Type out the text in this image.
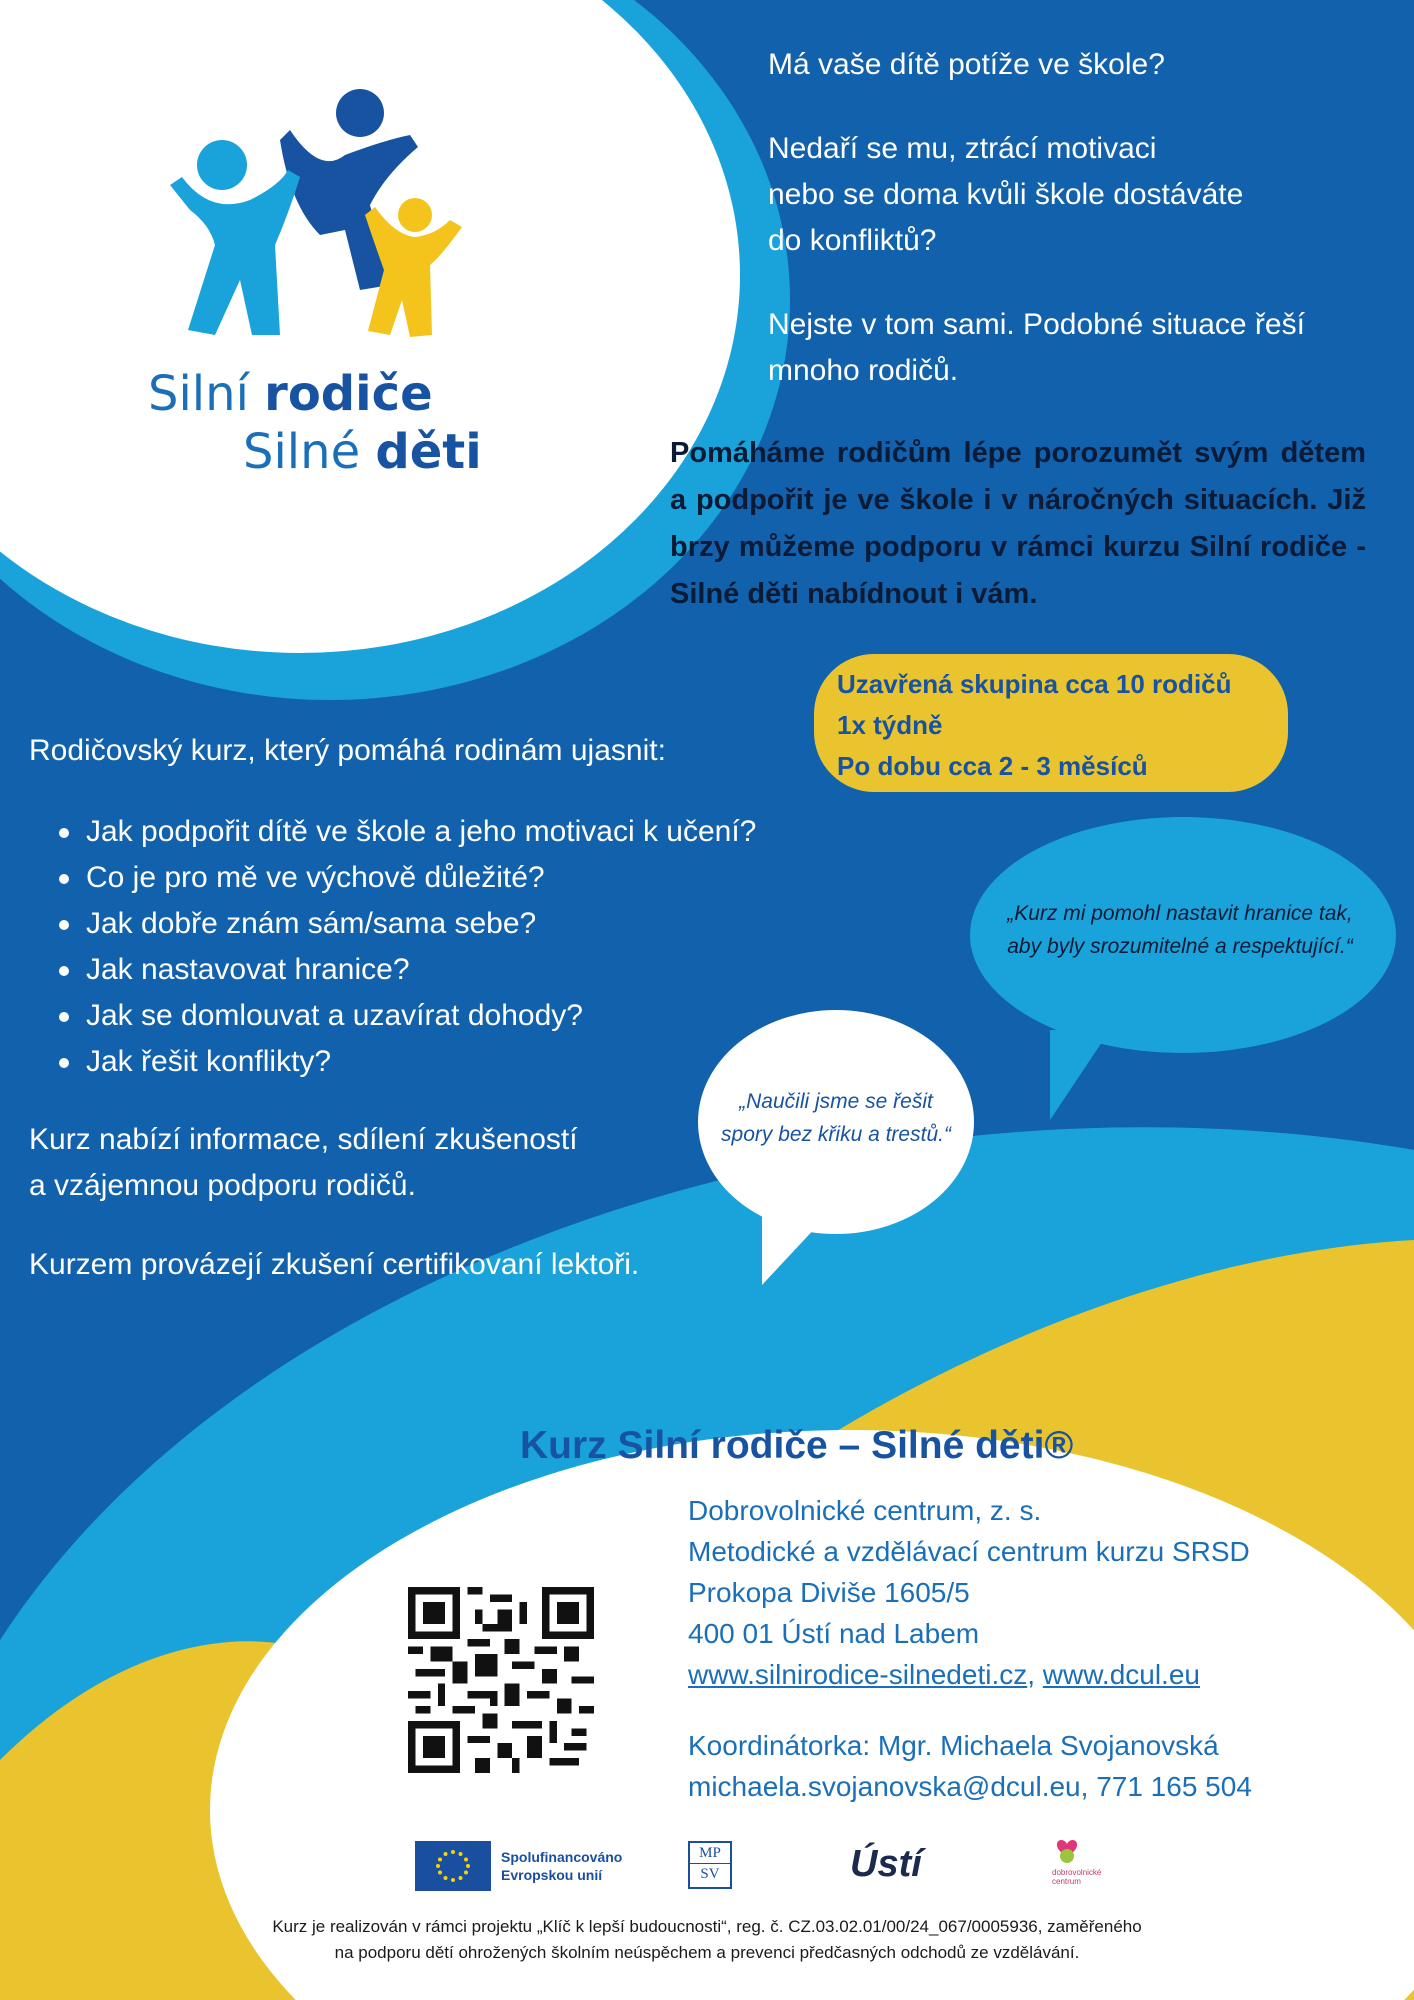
Silní rodiče
Silné děti

Má vaše dítě potíže ve škole?

Nedaří se mu, ztrácí motivaci

nebo se doma kvůli škole dostáváte

do konfliktů?

Nejste v tom sami. Podobné situace řeší

mnoho rodičů.

Pomáháme rodičům lépe porozumět svým dětem a podpořit je ve škole i v náročných situacích. Již brzy můžeme podporu v rámci kurzu Silní rodiče - Silné děti nabídnout i vám.
Uzavřená skupina cca 10 rodičů
1x týdně
Po dobu cca 2 - 3 měsíců
Rodičovský kurz, který pomáhá rodinám ujasnit:
Jak podpořit dítě ve škole a jeho motivaci k učení?
Co je pro mě ve výchově důležité?
Jak dobře znám sám/sama sebe?
Jak nastavovat hranice?
Jak se domlouvat a uzavírat dohody?
Jak řešit konflikty?

Kurz nabízí informace, sdílení zkušeností

a vzájemnou podporu rodičů.

Kurzem provázejí zkušení certifikovaní lektoři.

„Kurz mi pomohl nastavit hranice tak,
aby byly srozumitelné a respektující.“
„Naučili jsme se řešit
spory bez křiku a trestů.“
Kurz Silní rodiče – Silné děti®
Dobrovolnické centrum, z. s.
Metodické a vzdělávací centrum kurzu SRSD
Prokopa Diviše 1605/5
400 01 Ústí nad Labem
www.silnirodice-silnedeti.cz, www.dcul.eu
Koordinátorka: Mgr. Michaela Svojanovská
michaela.svojanovska@dcul.eu, 771 165 504
Spolufinancováno
Evropskou unií
MP
SV	Ústí	dobrovolnické
centrum
Kurz je realizován v rámci projektu „Klíč k lepší budoucnosti“, reg. č. CZ.03.02.01/00/24_067/0005936, zaměřeného
na podporu dětí ohrožených školním neúspěchem a prevenci předčasných odchodů ze vzdělávání.
